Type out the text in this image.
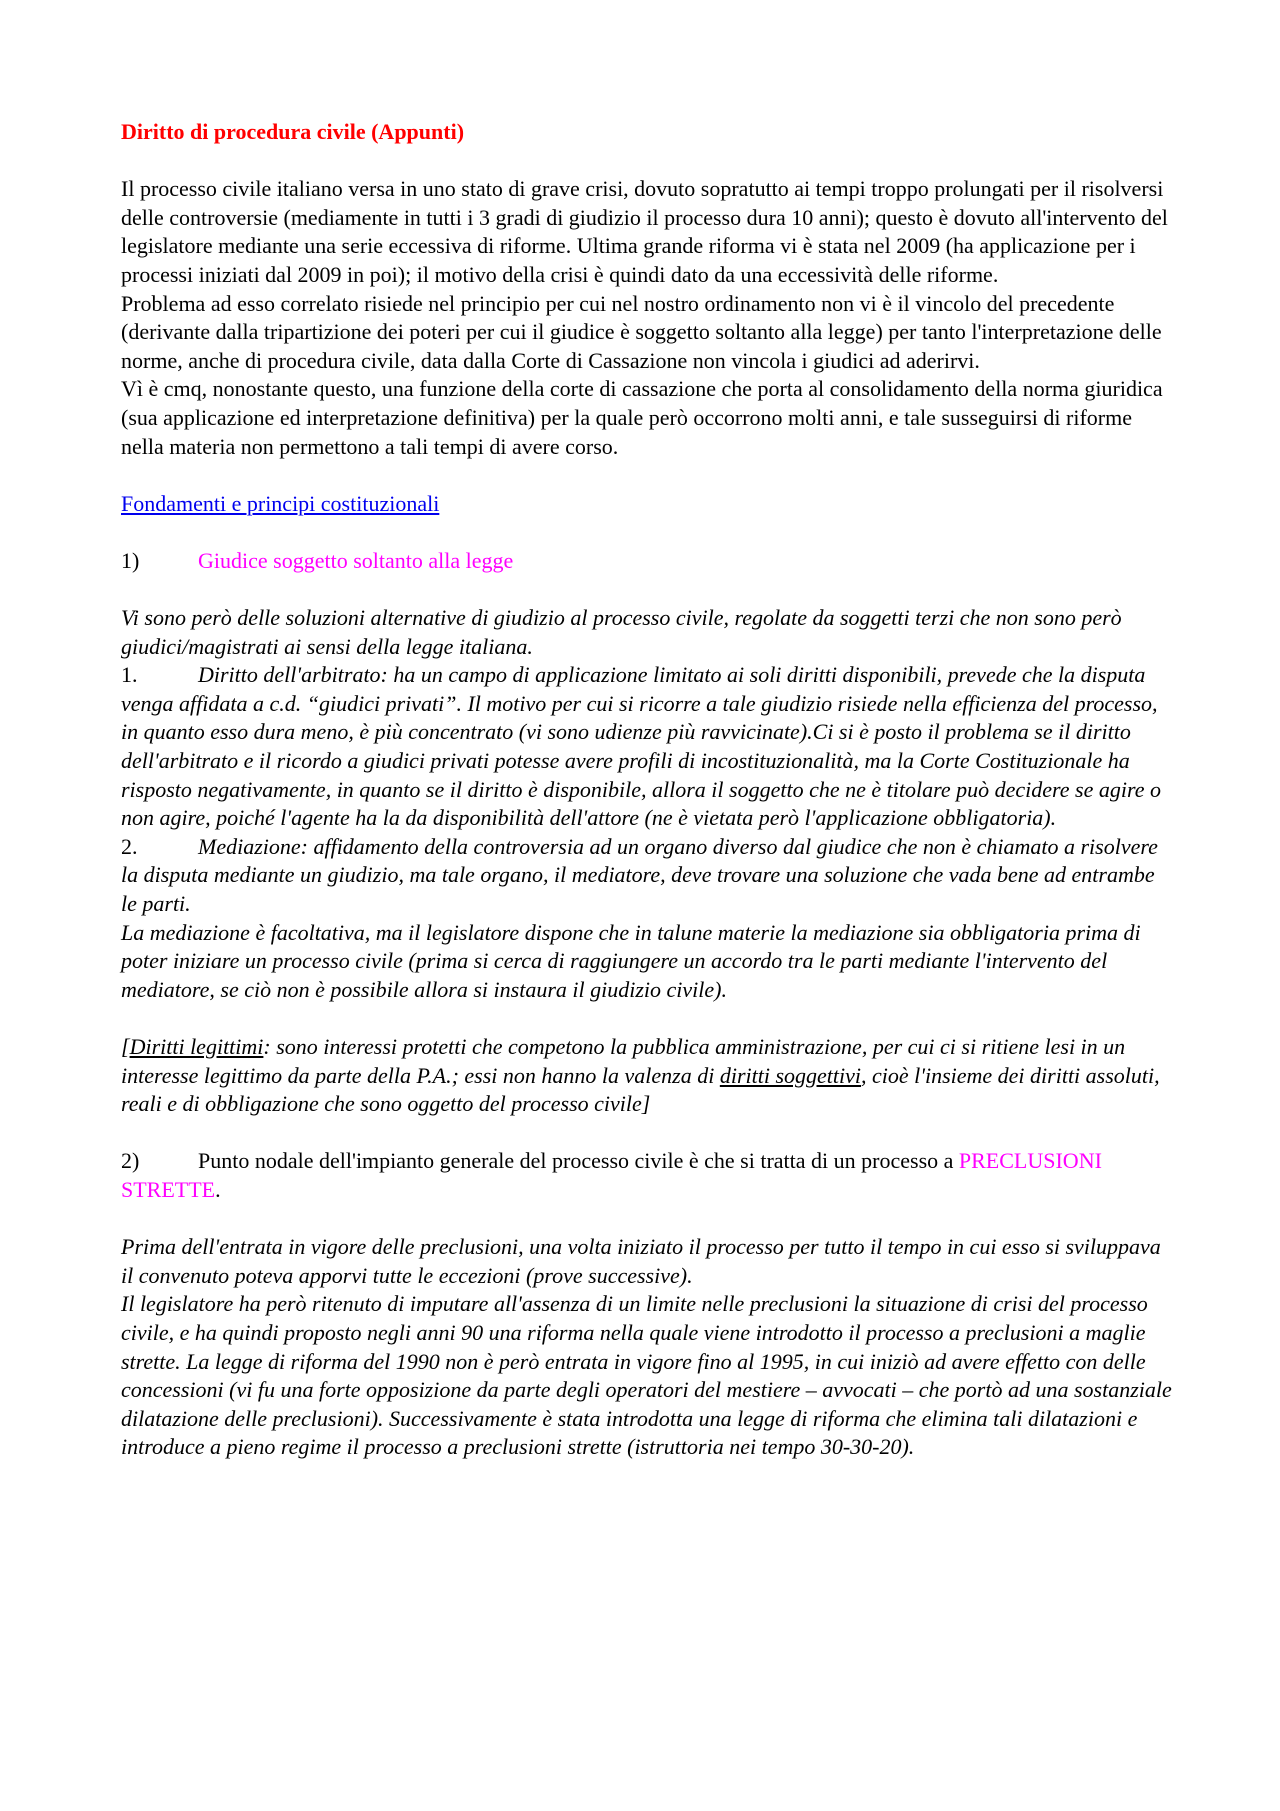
Diritto di procedura civile (Appunti)

Il processo civile italiano versa in uno stato di grave crisi, dovuto sopratutto ai tempi troppo prolungati per il risolversi delle controversie (mediamente in tutti i 3 gradi di giudizio il processo dura 10 anni); questo è dovuto all'intervento del legislatore mediante una serie eccessiva di riforme. Ultima grande riforma vi è stata nel 2009 (ha applicazione per i processi iniziati dal 2009 in poi); il motivo della crisi è quindi dato da una eccessività delle riforme.

Problema ad esso correlato risiede nel principio per cui nel nostro ordinamento non vi è il vincolo del precedente (derivante dalla tripartizione dei poteri per cui il giudice è soggetto soltanto alla legge) per tanto l'interpretazione delle norme, anche di procedura civile, data dalla Corte di Cassazione non vincola i giudici ad aderirvi.

Vì è cmq, nonostante questo, una funzione della corte di cassazione che porta al consolidamento della norma giuridica (sua applicazione ed interpretazione definitiva) per la quale però occorrono molti anni, e tale susseguirsi di riforme nella materia non permettono a tali tempi di avere corso.

Fondamenti e principi costituzionali

1)	Giudice soggetto soltanto alla legge

Vi sono però delle soluzioni alternative di giudizio al processo civile, regolate da soggetti terzi che non sono però giudici/magistrati ai sensi della legge italiana.

1.	Diritto dell'arbitrato: ha un campo di applicazione limitato ai soli diritti disponibili, prevede che la disputa venga affidata a c.d. “giudici privati”. Il motivo per cui si ricorre a tale giudizio risiede nella efficienza del processo, in quanto esso dura meno, è più concentrato (vi sono udienze più ravvicinate).Ci si è posto il problema se il diritto dell'arbitrato e il ricordo a giudici privati potesse avere profili di incostituzionalità, ma la Corte Costituzionale ha risposto negativamente, in quanto se il diritto è disponibile, allora il soggetto che ne è titolare può decidere se agire o non agire, poiché l'agente ha la da disponibilità dell'attore (ne è vietata però l'applicazione obbligatoria).

2.	Mediazione: affidamento della controversia ad un organo diverso dal giudice che non è chiamato a risolvere la disputa mediante un giudizio, ma tale organo, il mediatore, deve trovare una soluzione che vada bene ad entrambe le parti.

La mediazione è facoltativa, ma il legislatore dispone che in talune materie la mediazione sia obbligatoria prima di poter iniziare un processo civile (prima si cerca di raggiungere un accordo tra le parti mediante l'intervento del mediatore, se ciò non è possibile allora si instaura il giudizio civile).

[Diritti legittimi: sono interessi protetti che competono la pubblica amministrazione, per cui ci si ritiene lesi in un interesse legittimo da parte della P.A.; essi non hanno la valenza di diritti soggettivi, cioè l'insieme dei diritti assoluti, reali e di obbligazione che sono oggetto del processo civile]

2)	Punto nodale dell'impianto generale del processo civile è che si tratta di un processo a PRECLUSIONI STRETTE.

Prima dell'entrata in vigore delle preclusioni, una volta iniziato il processo per tutto il tempo in cui esso si sviluppava il convenuto poteva apporvi tutte le eccezioni (prove successive).

Il legislatore ha però ritenuto di imputare all'assenza di un limite nelle preclusioni la situazione di crisi del processo civile, e ha quindi proposto negli anni 90 una riforma nella quale viene introdotto il processo a preclusioni a maglie strette. La legge di riforma del 1990 non è però entrata in vigore fino al 1995, in cui iniziò ad avere effetto con delle concessioni (vi fu una forte opposizione da parte degli operatori del mestiere – avvocati – che portò ad una sostanziale dilatazione delle preclusioni). Successivamente è stata introdotta una legge di riforma che elimina tali dilatazioni e introduce a pieno regime il processo a preclusioni strette (istruttoria nei tempo 30-30-20).
